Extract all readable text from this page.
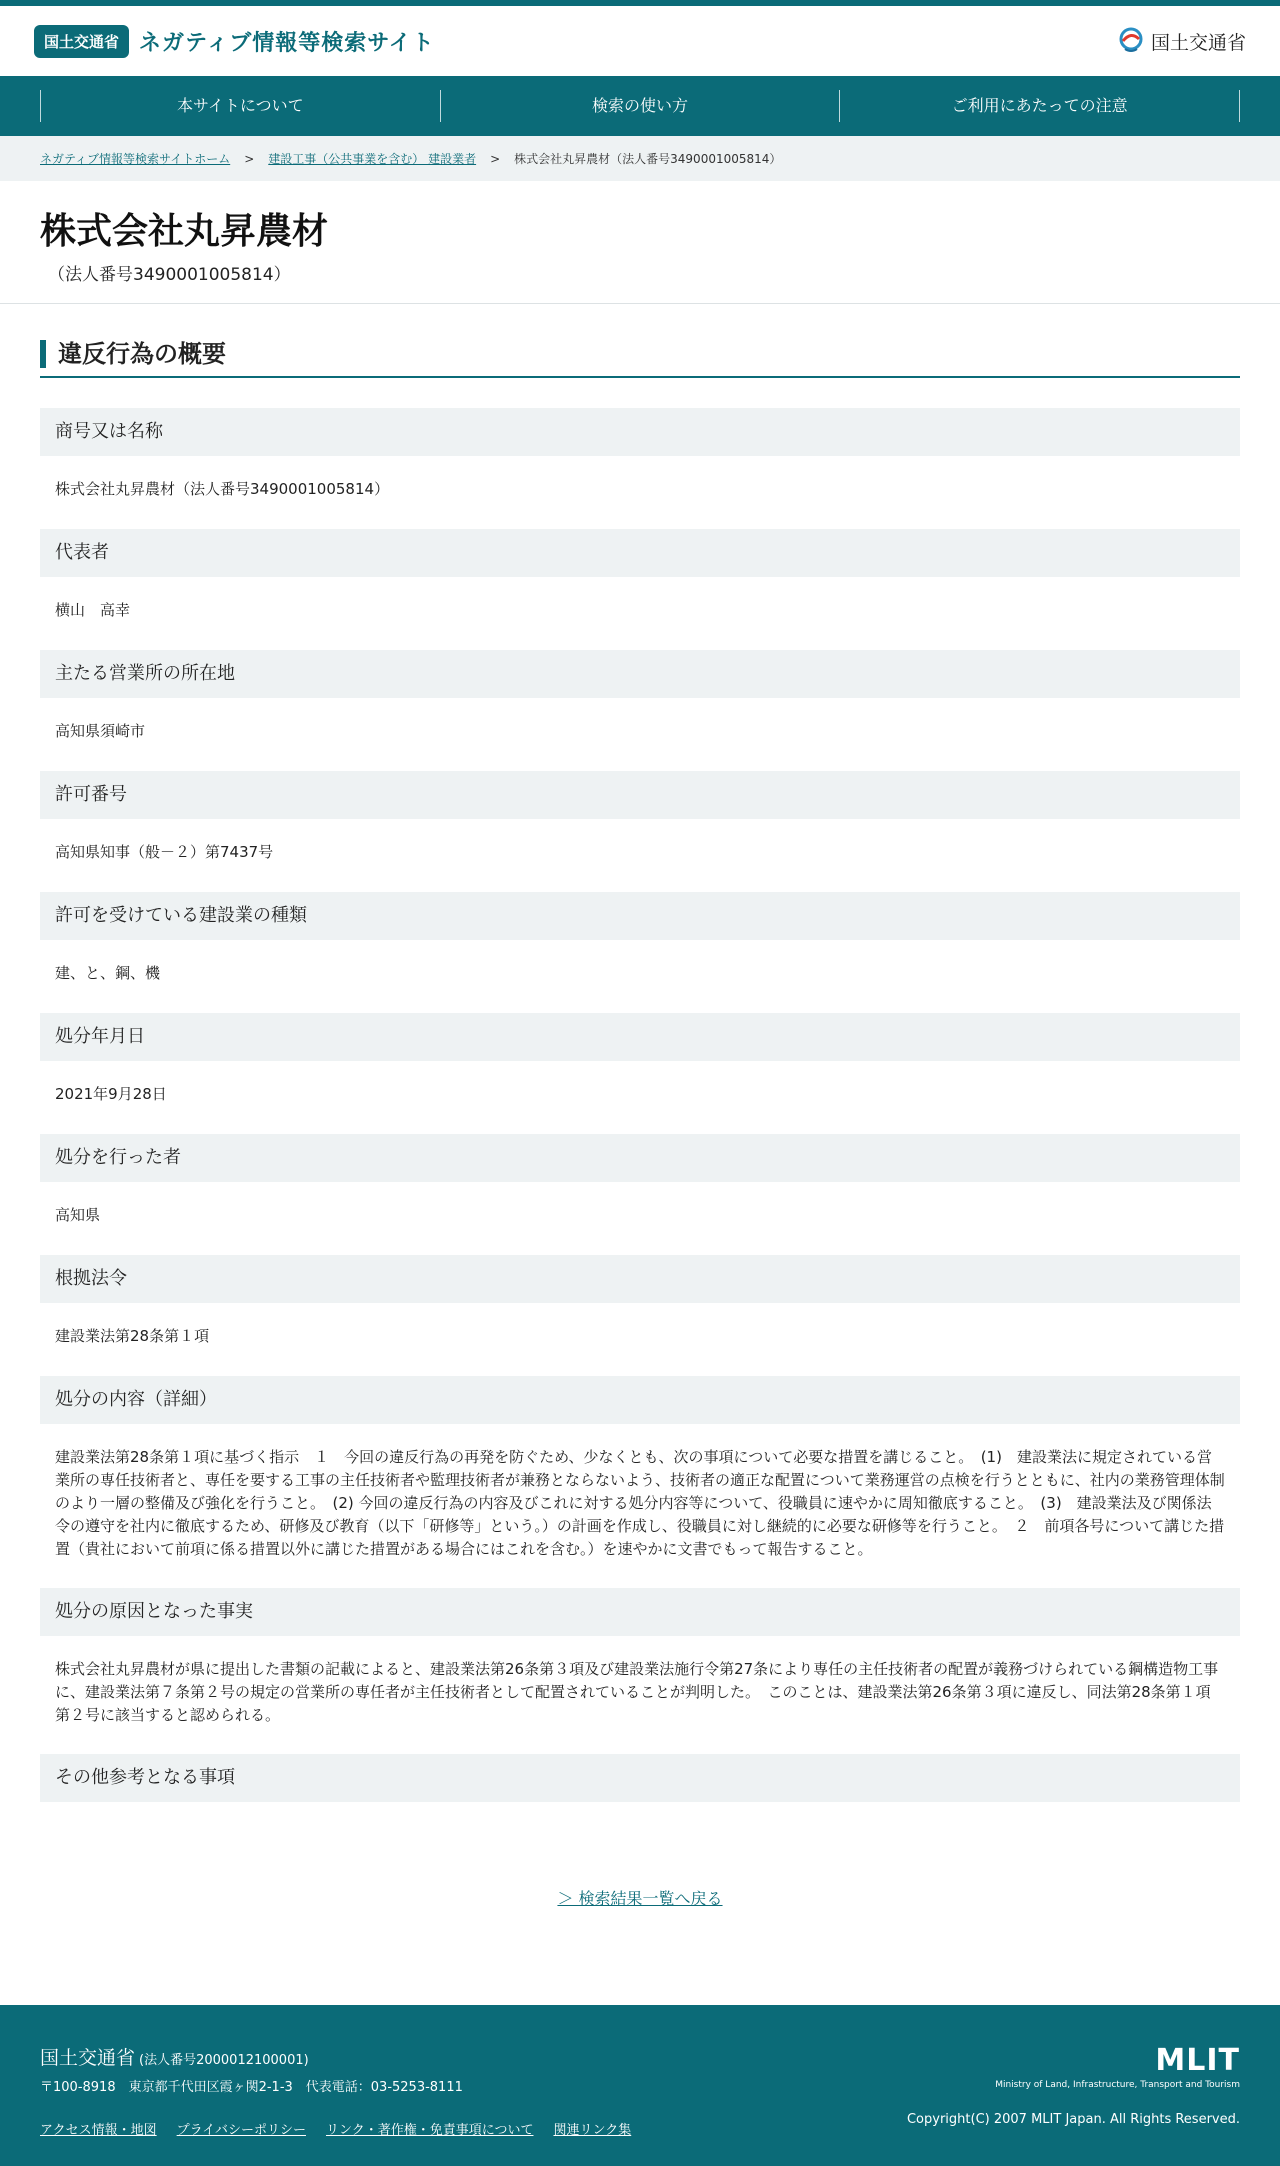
国土交通省 ネガティブ情報等検索サイト	国土交通省
本サイトについて	検索の使い方	ご利用にあたっての注意
ネガティブ情報等検索サイトホーム > 建設工事（公共事業を含む） 建設業者 > 株式会社丸昇農材（法人番号3490001005814）
株式会社丸昇農材
（法人番号3490001005814）
違反行為の概要
商号又は名称
株式会社丸昇農材（法人番号3490001005814）
代表者
横山　高幸
主たる営業所の所在地
高知県須崎市
許可番号
高知県知事（般－２）第7437号
許可を受けている建設業の種類
建、と、鋼、機
処分年月日
2021年9月28日
処分を行った者
高知県
根拠法令
建設業法第28条第１項
処分の内容（詳細）
建設業法第28条第１項に基づく指示　１　今回の違反行為の再発を防ぐため、少なくとも、次の事項について必要な措置を講じること。　(1)　建設業法に規定されている営業所の専任技術者と、専任を要する工事の主任技術者や監理技術者が兼務とならないよう、技術者の適正な配置について業務運営の点検を行うとともに、社内の業務管理体制のより一層の整備及び強化を行うこと。　(2) 今回の違反行為の内容及びこれに対する処分内容等について、役職員に速やかに周知徹底すること。　(3)　建設業法及び関係法令の遵守を社内に徹底するため、研修及び教育（以下「研修等」という。）の計画を作成し、役職員に対し継続的に必要な研修等を行うこと。　２　前項各号について講じた措置（貴社において前項に係る措置以外に講じた措置がある場合にはこれを含む。）を速やかに文書でもって報告すること。
処分の原因となった事実
株式会社丸昇農材が県に提出した書類の記載によると、建設業法第26条第３項及び建設業法施行令第27条により専任の主任技術者の配置が義務づけられている鋼構造物工事に、建設業法第７条第２号の規定の営業所の専任者が主任技術者として配置されていることが判明した。　このことは、建設業法第26条第３項に違反し、同法第28条第１項第２号に該当すると認められる。
その他参考となる事項
＞ 検索結果一覧へ戻る
国土交通省 (法人番号2000012100001)
〒100-8918　東京都千代田区霞ヶ関2-1-3　代表電話：03-5253-8111
アクセス情報・地図 プライバシーポリシー リンク・著作権・免責事項について 関連リンク集
MLIT
Ministry of Land, Infrastructure, Transport and Tourism
Copyright(C) 2007 MLIT Japan. All Rights Reserved.
